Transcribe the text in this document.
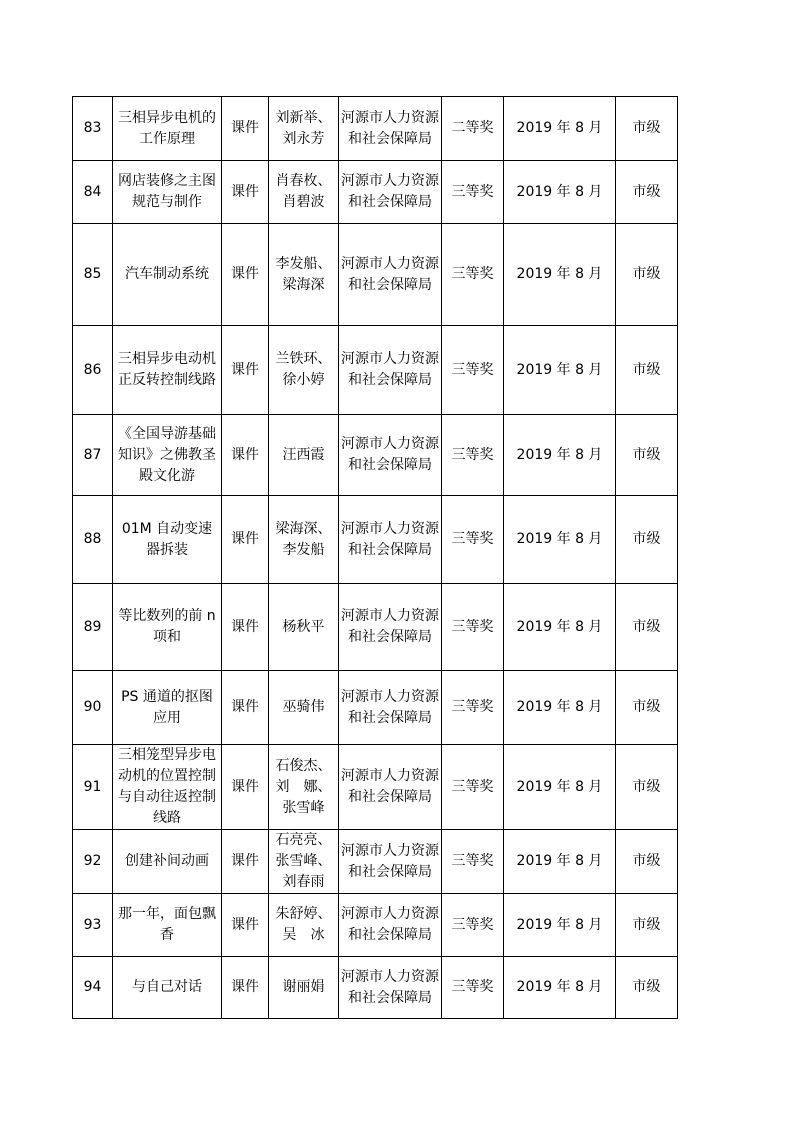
83	三相异步电机的工作原理	课件	刘新举、刘永芳	河源市人力资源和社会保障局	二等奖	2019 年 8 月	市级
84	网店装修之主图规范与制作	课件	肖春枚、肖碧波	河源市人力资源和社会保障局	三等奖	2019 年 8 月	市级
85	汽车制动系统	课件	李发船、梁海深	河源市人力资源和社会保障局	三等奖	2019 年 8 月	市级
86	三相异步电动机正反转控制线路	课件	兰铁环、徐小婷	河源市人力资源和社会保障局	三等奖	2019 年 8 月	市级
87	《全国导游基础知识》之佛教圣殿文化游	课件	汪西霞	河源市人力资源和社会保障局	三等奖	2019 年 8 月	市级
88	01M 自动变速器拆装	课件	梁海深、李发船	河源市人力资源和社会保障局	三等奖	2019 年 8 月	市级
89	等比数列的前 n 项和	课件	杨秋平	河源市人力资源和社会保障局	三等奖	2019 年 8 月	市级
90	PS 通道的抠图应用	课件	巫骑伟	河源市人力资源和社会保障局	三等奖	2019 年 8 月	市级
91	三相笼型异步电动机的位置控制与自动往返控制线路	课件	石俊杰、刘　娜、张雪峰	河源市人力资源和社会保障局	三等奖	2019 年 8 月	市级
92	创建补间动画	课件	石亮亮、张雪峰、刘春雨	河源市人力资源和社会保障局	三等奖	2019 年 8 月	市级
93	那一年，面包飘香	课件	朱舒婷、吴　冰	河源市人力资源和社会保障局	三等奖	2019 年 8 月	市级
94	与自己对话	课件	谢丽娟	河源市人力资源和社会保障局	三等奖	2019 年 8 月	市级
